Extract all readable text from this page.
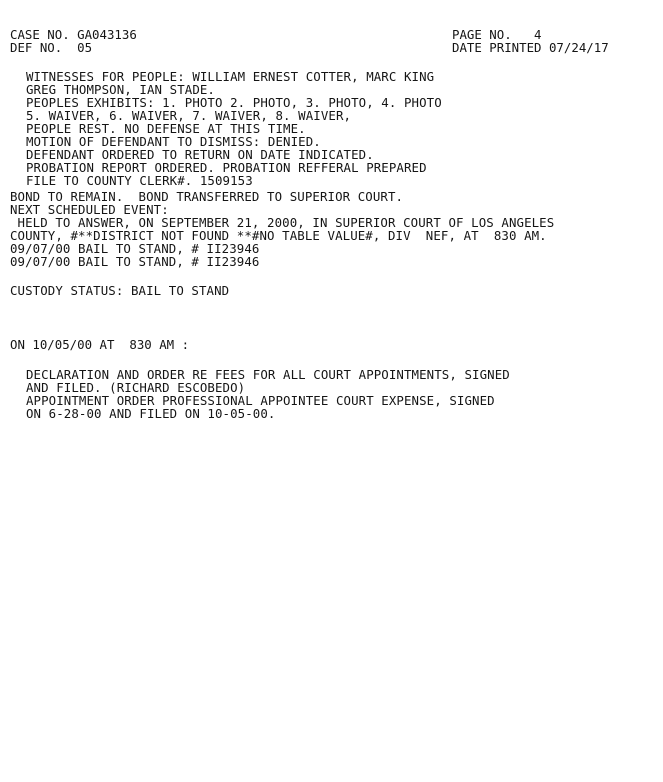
CASE NO. GA043136
DEF NO.  05
PAGE NO.   4
DATE PRINTED 07/24/17
WITNESSES FOR PEOPLE: WILLIAM ERNEST COTTER, MARC KING
GREG THOMPSON, IAN STADE.
PEOPLES EXHIBITS: 1. PHOTO 2. PHOTO, 3. PHOTO, 4. PHOTO
5. WAIVER, 6. WAIVER, 7. WAIVER, 8. WAIVER,
PEOPLE REST. NO DEFENSE AT THIS TIME.
MOTION OF DEFENDANT TO DISMISS: DENIED.
DEFENDANT ORDERED TO RETURN ON DATE INDICATED.
PROBATION REPORT ORDERED. PROBATION REFFERAL PREPARED
FILE TO COUNTY CLERK#. 1509153
BOND TO REMAIN.  BOND TRANSFERRED TO SUPERIOR COURT.
NEXT SCHEDULED EVENT:
HELD TO ANSWER, ON SEPTEMBER 21, 2000, IN SUPERIOR COURT OF LOS ANGELES
COUNTY, #**DISTRICT NOT FOUND **#NO TABLE VALUE#, DIV  NEF, AT  830 AM.
09/07/00 BAIL TO STAND, # II23946
09/07/00 BAIL TO STAND, # II23946
CUSTODY STATUS: BAIL TO STAND
ON 10/05/00 AT  830 AM :
DECLARATION AND ORDER RE FEES FOR ALL COURT APPOINTMENTS, SIGNED
AND FILED. (RICHARD ESCOBEDO)
APPOINTMENT ORDER PROFESSIONAL APPOINTEE COURT EXPENSE, SIGNED
ON 6-28-00 AND FILED ON 10-05-00.
